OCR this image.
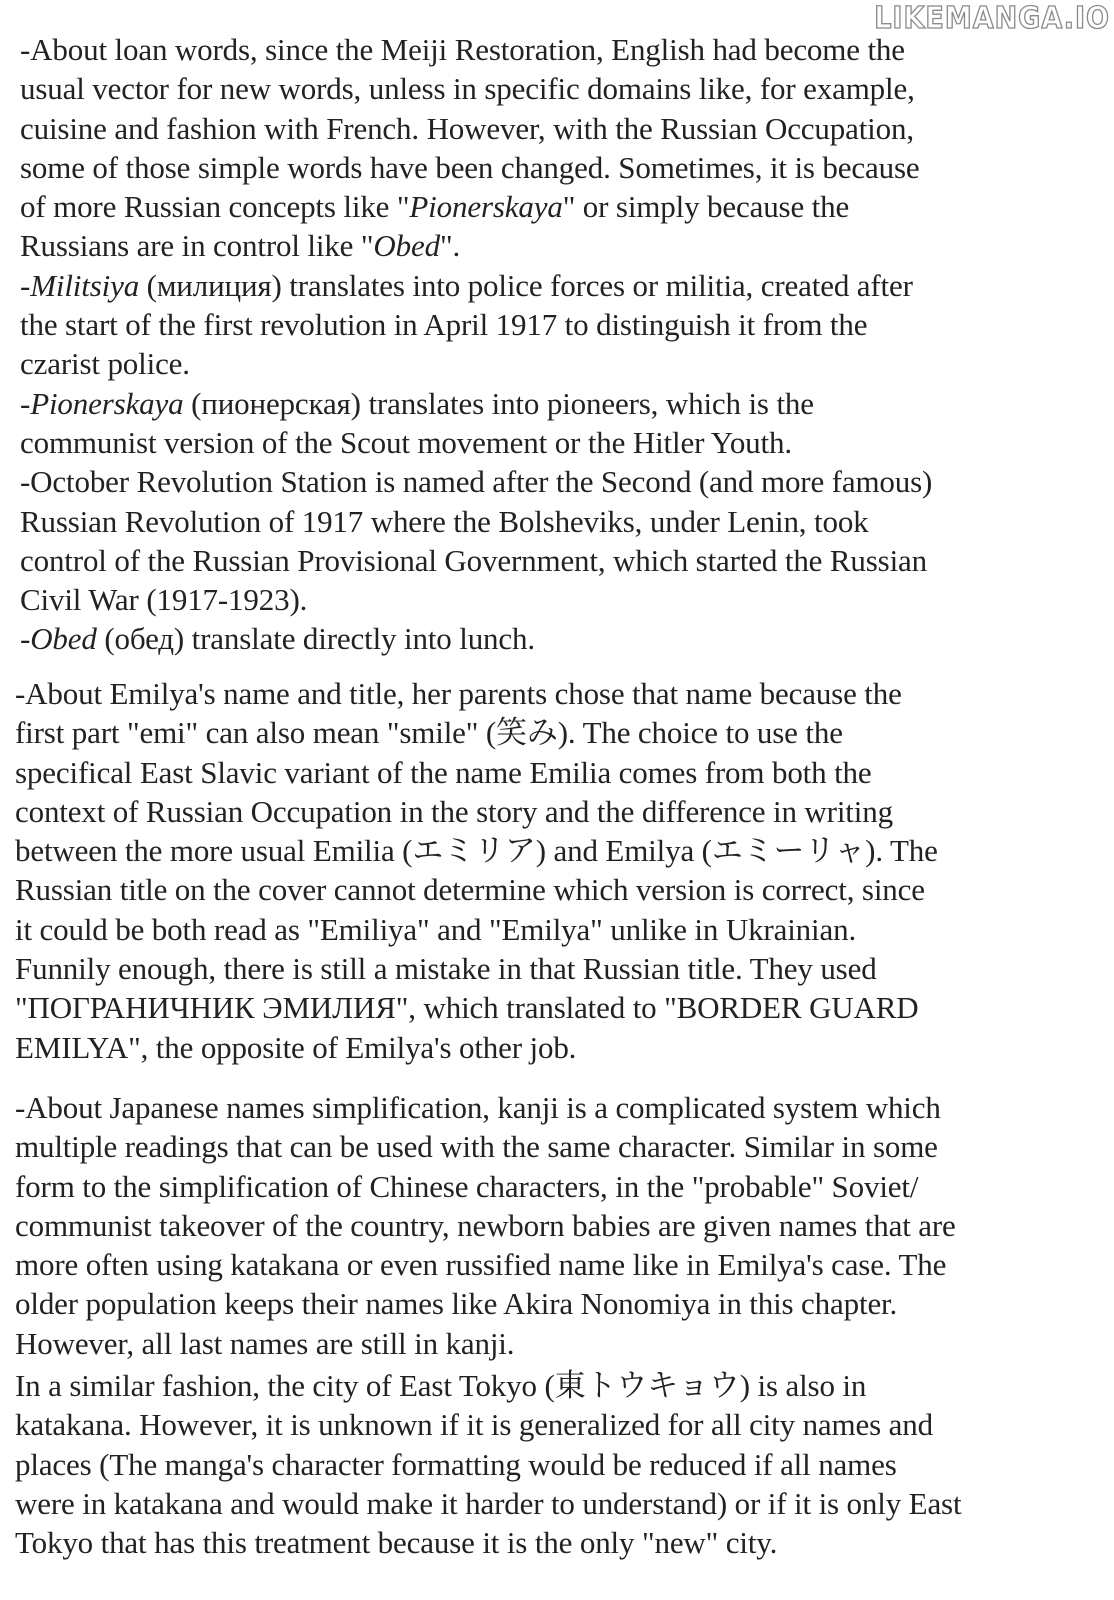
LIKEMANGA.IO
-About loan words, since the Meiji Restoration, English had become the
usual vector for new words, unless in specific domains like, for example,
cuisine and fashion with French. However, with the Russian Occupation,
some of those simple words have been changed. Sometimes, it is because
of more Russian concepts like "Pionerskaya" or simply because the
Russians are in control like "Obed".
-Militsiya (милиция) translates into police forces or militia, created after
the start of the first revolution in April 1917 to distinguish it from the
czarist police.
-Pionerskaya (пионерская) translates into pioneers, which is the
communist version of the Scout movement or the Hitler Youth.
-October Revolution Station is named after the Second (and more famous)
Russian Revolution of 1917 where the Bolsheviks, under Lenin, took
control of the Russian Provisional Government, which started the Russian
Civil War (1917-1923).
-Obed (обед) translate directly into lunch.
-About Emilya's name and title, her parents chose that name because the
first part "emi" can also mean "smile" (笑み). The choice to use the
specifical East Slavic variant of the name Emilia comes from both the
context of Russian Occupation in the story and the difference in writing
between the more usual Emilia (エミリア) and Emilya (エミーリャ). The
Russian title on the cover cannot determine which version is correct, since
it could be both read as "Emiliya" and "Emilya" unlike in Ukrainian.
Funnily enough, there is still a mistake in that Russian title. They used
"ПОГРАНИЧНИК ЭМИЛИЯ", which translated to "BORDER GUARD
EMILYA", the opposite of Emilya's other job.
-About Japanese names simplification, kanji is a complicated system which
multiple readings that can be used with the same character. Similar in some
form to the simplification of Chinese characters, in the "probable" Soviet/
communist takeover of the country, newborn babies are given names that are
more often using katakana or even russified name like in Emilya's case. The
older population keeps their names like Akira Nonomiya in this chapter.
However, all last names are still in kanji.
In a similar fashion, the city of East Tokyo (東トウキョウ) is also in
katakana. However, it is unknown if it is generalized for all city names and
places (The manga's character formatting would be reduced if all names
were in katakana and would make it harder to understand) or if it is only East
Tokyo that has this treatment because it is the only "new" city.
